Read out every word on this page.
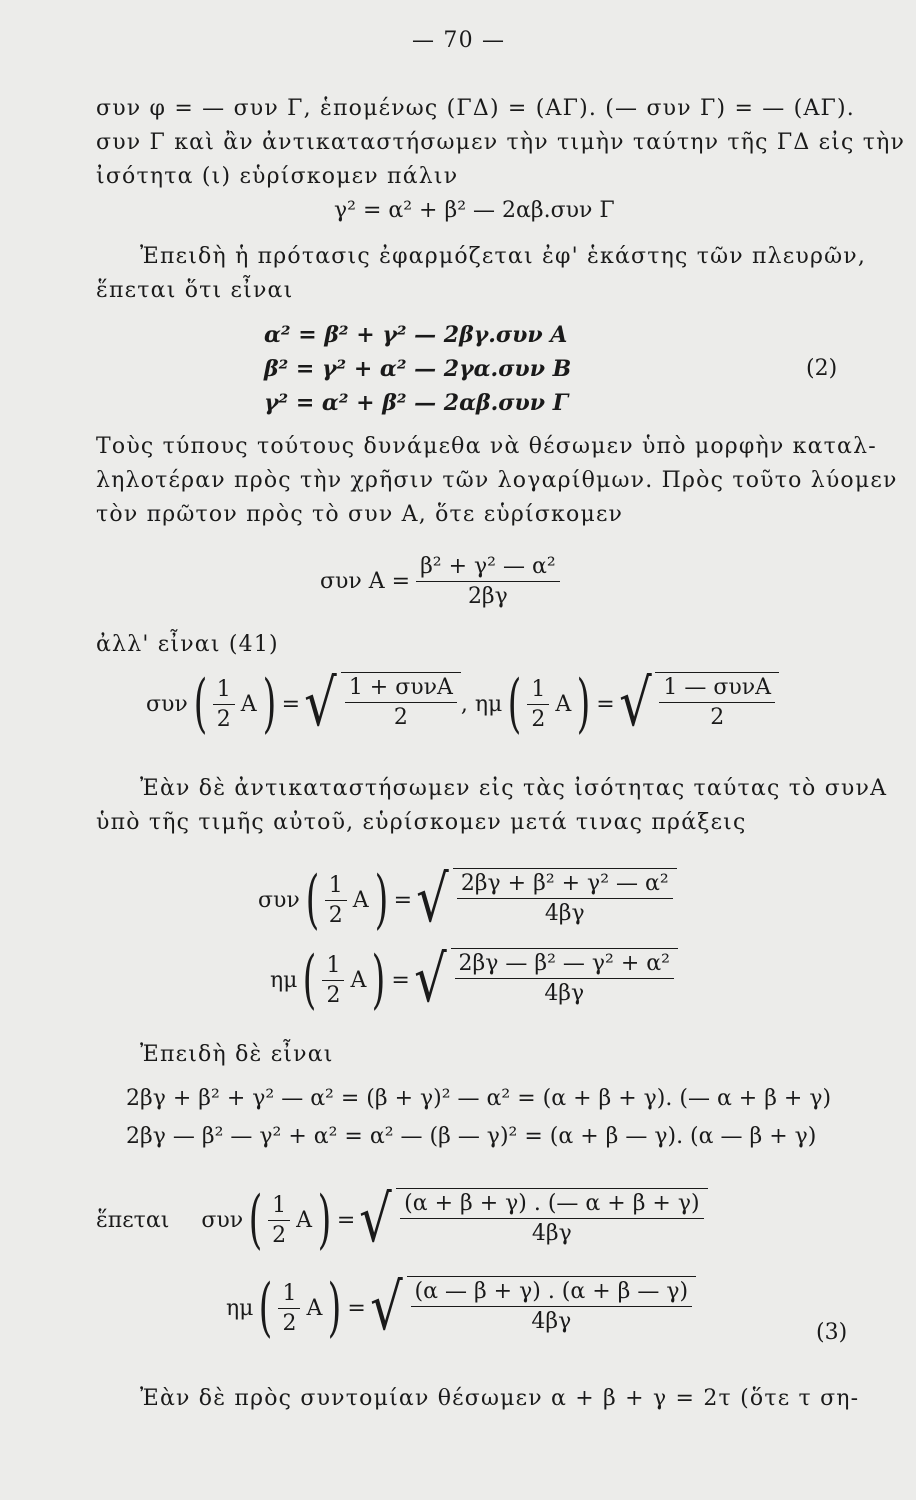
— 70 —
συν φ = — συν Γ, ἑπομένως (ΓΔ) = (ΑΓ). (— συν Γ) = — (ΑΓ).
συν Γ καὶ ἂν ἀντικαταστήσωμεν τὴν τιμὴν ταύτην τῆς ΓΔ εἰς τὴν
ἰσότητα (ι) εὑρίσκομεν πάλιν
γ² = α² + β² — 2αβ.συν Γ
Ἐπειδὴ ἡ πρότασις ἐφαρμόζεται ἐφ' ἑκάστης τῶν πλευρῶν,
ἕπεται ὅτι εἶναι
α² = β² + γ² — 2βγ.συν Α
β² = γ² + α² — 2γα.συν Β	(2)
γ² = α² + β² — 2αβ.συν Γ
Τοὺς τύπους τούτους δυνάμεθα νὰ θέσωμεν ὑπὸ μορφὴν καταλ-
ληλοτέραν πρὸς τὴν χρῆσιν τῶν λογαρίθμων. Πρὸς τοῦτο λύομεν
τὸν πρῶτον πρὸς τὸ συν Α, ὅτε εὑρίσκομεν
συν $A = \frac{\text{β² + γ² — α²}}{2\beta\gamma}$
ἀλλ' εἶναι (41)
συν ( $\frac{1}{2}$ Α ) = √ $\frac{\text{1 + συνΑ}}{2}$ , ημ ( $\frac{1}{2}$ Α ) = √ $\frac{\text{1 — συνΑ}}{2}$
Ἐὰν δὲ ἀντικαταστήσωμεν εἰς τὰς ἰσότητας ταύτας τὸ συνΑ
ὑπὸ τῆς τιμῆς αὐτοῦ, εὑρίσκομεν μετά τινας πράξεις
συν ( $\frac{1}{2}$ Α ) = √ $\frac{\text{2βγ + β² + γ² — α²}}{4\beta\gamma}$
ημ ( $\frac{1}{2}$ Α ) = √ $\frac{\text{2βγ — β² — γ² + α²}}{4\beta\gamma}$
Ἐπειδὴ δὲ εἶναι
2βγ + β² + γ² — α² = (β + γ)² — α² = (α + β + γ). (— α + β + γ)
2βγ — β² — γ² + α² = α² — (β — γ)² = (α + β — γ). (α — β + γ)
ἕπεται συν ( $\frac{1}{2}$ Α ) = √ $\frac{(\alpha + \beta + \gamma) . (— \alpha + \beta + \gamma)}{4\beta\gamma}$
ημ ( $\frac{1}{2}$ Α ) = √ $\frac{(\alpha — \beta + \gamma) . (\alpha + \beta — \gamma)}{4\beta\gamma}$	(3)
Ἐὰν δὲ πρὸς συντομίαν θέσωμεν α + β + γ = 2τ (ὅτε τ ση-
